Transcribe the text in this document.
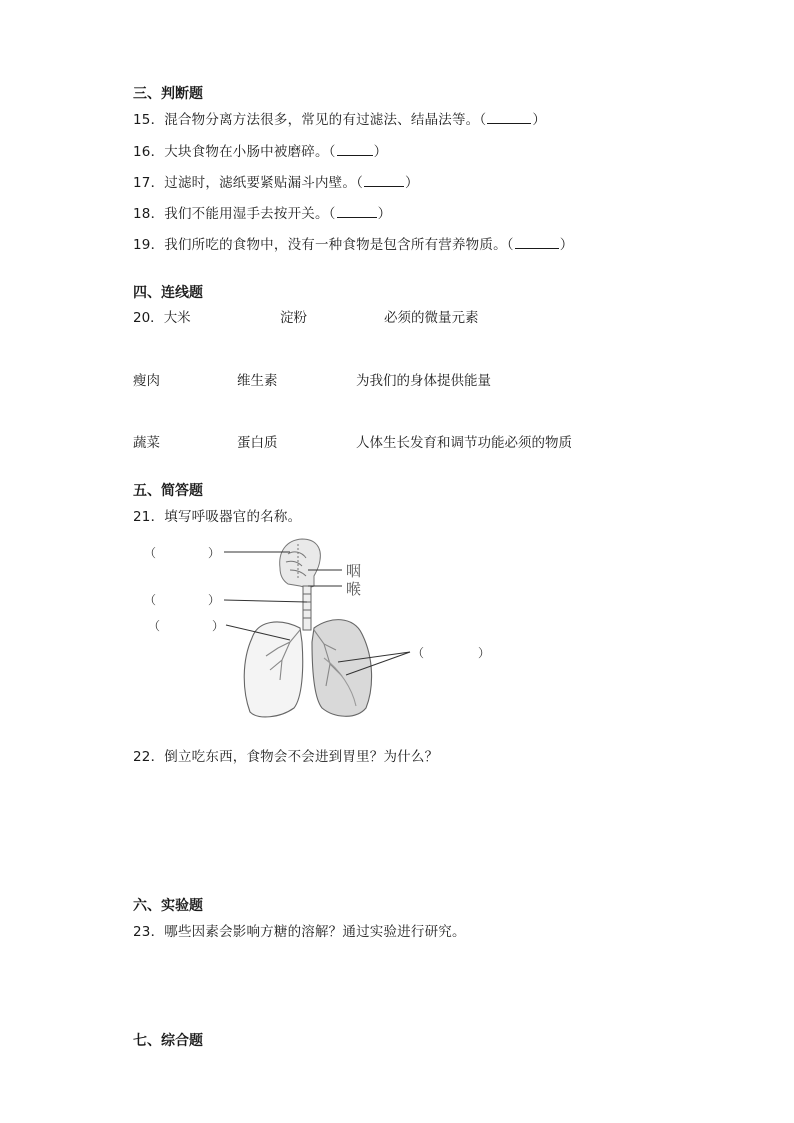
三、判断题
15．混合物分离方法很多，常见的有过滤法、结晶法等。（	）
16．大块食物在小肠中被磨碎。（	）
17．过滤时，滤纸要紧贴漏斗内壁。（	）
18．我们不能用湿手去按开关。（	）
19．我们所吃的食物中，没有一种食物是包含所有营养物质。（	）
四、连线题
20．大米	淀粉	必须的微量元素
瘦肉	维生素	为我们的身体提供能量
蔬菜	蛋白质	人体生长发育和调节功能必须的物质
五、简答题
21．填写呼吸器官的名称。
（	）
（	）
（	）
（	）
咽
喉
22．倒立吃东西，食物会不会进到胃里？为什么？
六、实验题
23．哪些因素会影响方糖的溶解？通过实验进行研究。
七、综合题
